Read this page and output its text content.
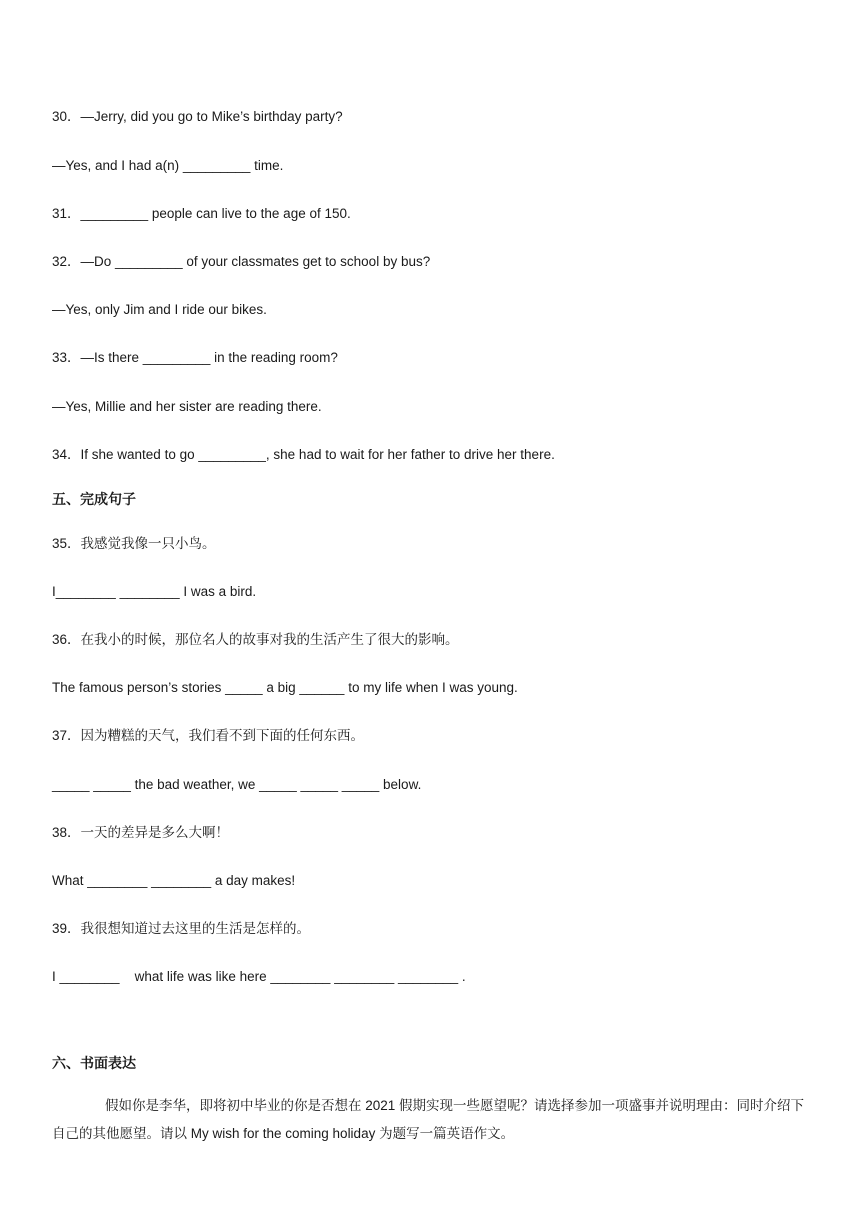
30．—Jerry, did you go to Mike’s birthday party?
—Yes, and I had a(n) _________ time.
31．_________ people can live to the age of 150.
32．—Do _________ of your classmates get to school by bus?
—Yes, only Jim and I ride our bikes.
33．—Is there _________ in the reading room?
—Yes, Millie and her sister are reading there.
34．If she wanted to go _________, she had to wait for her father to drive her there.
五、完成句子
35．我感觉我像一只小鸟。
I________ ________ I was a bird.
36．在我小的时候，那位名人的故事对我的生活产生了很大的影响。
The famous person’s stories _____ a big ______ to my life when I was young.
37．因为糟糕的天气，我们看不到下面的任何东西。
_____ _____ the bad weather, we _____ _____ _____ below.
38．一天的差异是多么大啊！
What ________ ________ a day makes!
39．我很想知道过去这里的生活是怎样的。
I ________    what life was like here ________ ________ ________ .
六、书面表达
假如你是李华，即将初中毕业的你是否想在 2021 假期实现一些愿望呢？请选择参加一项盛事并说明理由：同时介绍下自己的其他愿望。请以 My wish for the coming holiday 为题写一篇英语作文。
